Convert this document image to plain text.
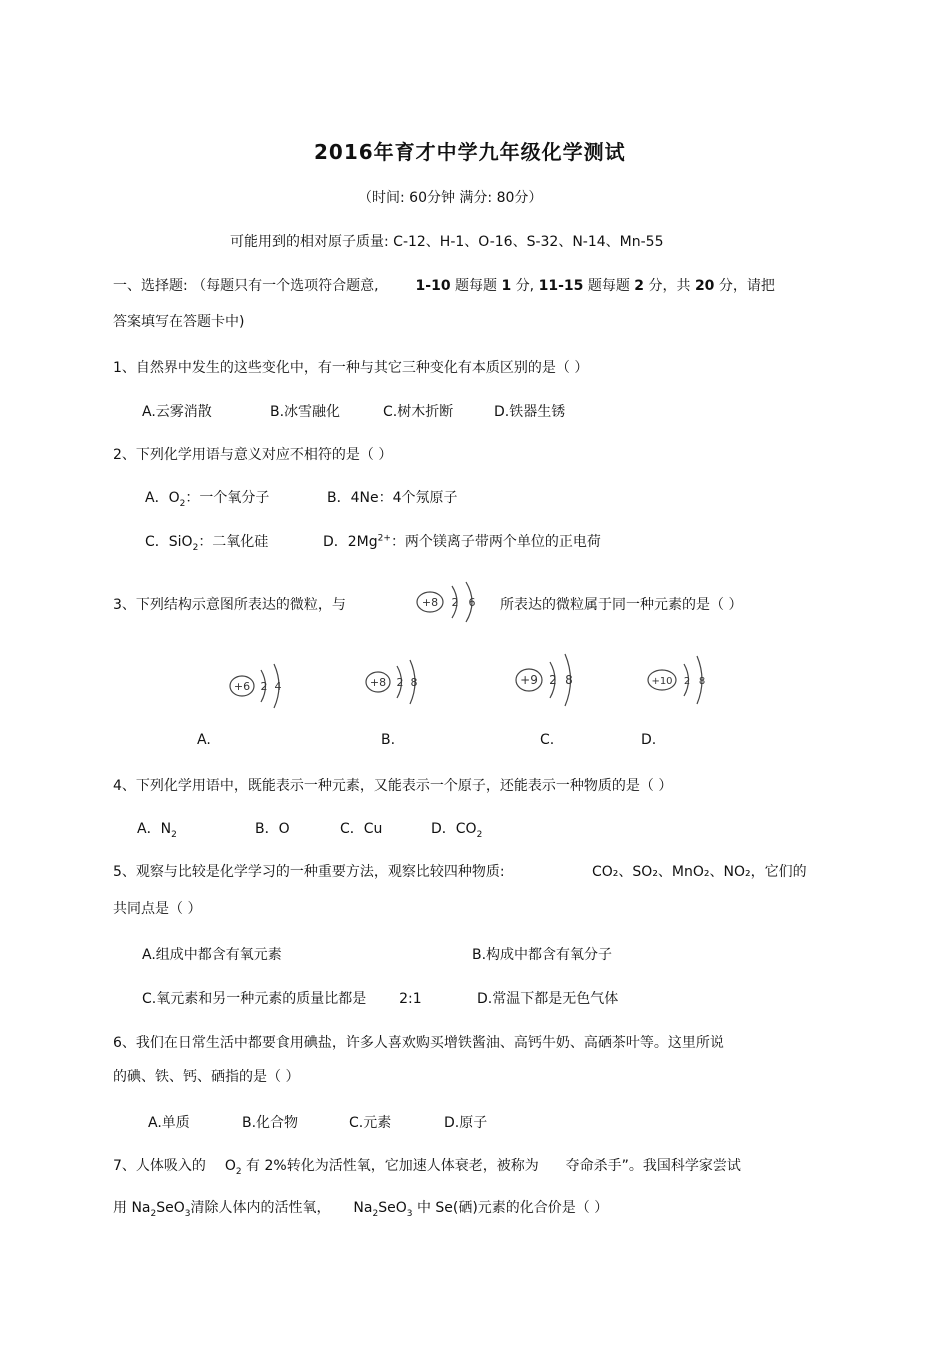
2016年育才中学九年级化学测试
（时间: 60分钟 满分: 80分）
可能用到的相对原子质量: C-12、H-1、O-16、S-32、N-14、Mn-55
一、选择题: （每题只有一个选项符合题意,	1-10 题每题 1 分, 11-15 题每题 2 分，共 20 分，请把
答案填写在答题卡中)
1、自然界中发生的这些变化中，有一种与其它三种变化有本质区别的是（ ）
A.云雾消散	B.冰雪融化	C.树木折断	D.铁器生锈
2、下列化学用语与意义对应不相符的是（ ）
A．$O_2$：一个氧分子	B．4Ne：4个氖原子
C．SiO$_2$：二氧化硅	D．$2Mg^{2+}$：两个镁离子带两个单位的正电荷
3、下列结构示意图所表达的微粒，与	+8 2 6 所表达的微粒属于同一种元素的是（ ）
+6 2 4	+8 2 8	+9 2 8	+10 2 8
A.	B.	C.	D.
4、下列化学用语中，既能表示一种元素，又能表示一个原子，还能表示一种物质的是（ ）
A．$N_2$	B．O	C．Cu	D．$CO_2$
5、观察与比较是化学学习的一种重要方法，观察比较四种物质:	CO₂、SO₂、MnO₂、NO₂，它们的
共同点是（ ）
A.组成中都含有氧元素	B.构成中都含有氧分子
C.氧元素和另一种元素的质量比都是 2:1	D.常温下都是无色气体
6、我们在日常生活中都要食用碘盐，许多人喜欢购买增铁酱油、高钙牛奶、高硒茶叶等。这里所说
的碘、铁、钙、硒指的是（ ）
A.单质	B.化合物	C.元素	D.原子
7、人体吸入的 $O_2$ 有 2%转化为活性氧，它加速人体衰老，被称为 夺命杀手”。我国科学家尝试
用 $Na_2SeO_3$清除人体内的活性氧， $Na_2SeO_3$ 中 Se(硒)元素的化合价是（ ）
